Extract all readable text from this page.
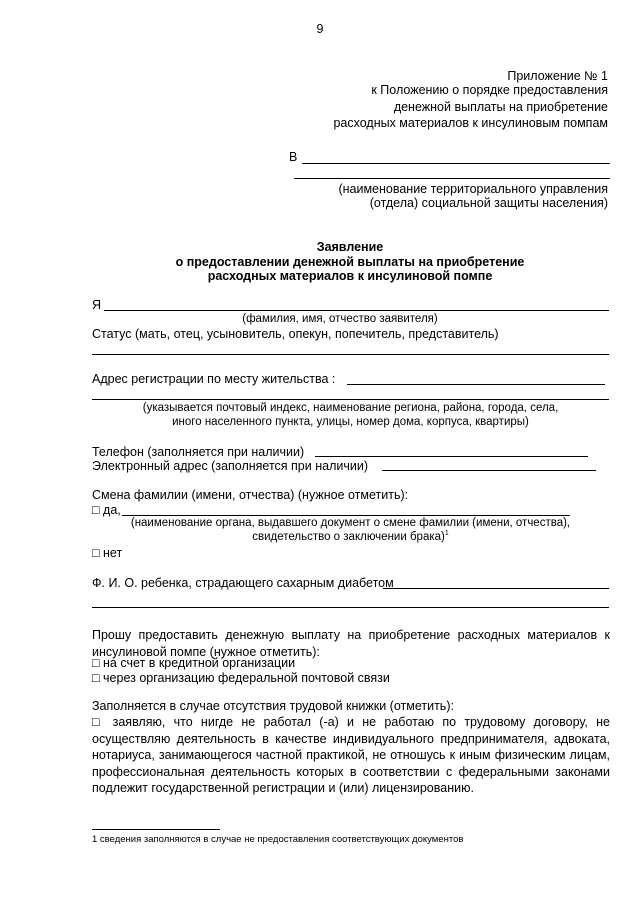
9
Приложение № 1
к Положению о порядке предоставления
денежной выплаты на приобретение
расходных материалов к инсулиновым помпам
В
(наименование территориального управления
(отдела) социальной защиты населения)
Заявление
о предоставлении денежной выплаты на приобретение
расходных материалов к инсулиновой помпе
Я
(фамилия, имя, отчество заявителя)
Статус (мать, отец, усыновитель, опекун, попечитель, представитель)
Адрес регистрации по месту жительства :
(указывается почтовый индекс, наименование региона, района, города, села,
иного населенного пункта, улицы, номер дома, корпуса, квартиры)
Телефон (заполняется при наличии)
Электронный адрес (заполняется при наличии)
Смена фамилии (имени, отчества) (нужное отметить):
□ да,
(наименование органа, выдавшего документ о смене фамилии (имени, отчества),
свидетельство о заключении брака)$^1$
□ нет
Ф. И. О. ребенка, страдающего сахарным диабетом
Прошу предоставить денежную выплату на приобретение расходных материалов к инсулиновой помпе (нужное отметить):
□ на счет в кредитной организации
□ через организацию федеральной почтовой связи
Заполняется в случае отсутствия трудовой книжки (отметить):
□ заявляю, что нигде не работал (-а) и не работаю по трудовому договору, не осуществляю деятельность в качестве индивидуального предпринимателя, адвоката, нотариуса, занимающегося частной практикой, не отношусь к иным физическим лицам, профессиональная деятельность которых в соответствии с федеральными законами подлежит государственной регистрации и (или) лицензированию.
1 сведения заполняются в случае не предоставления соответствующих документов
